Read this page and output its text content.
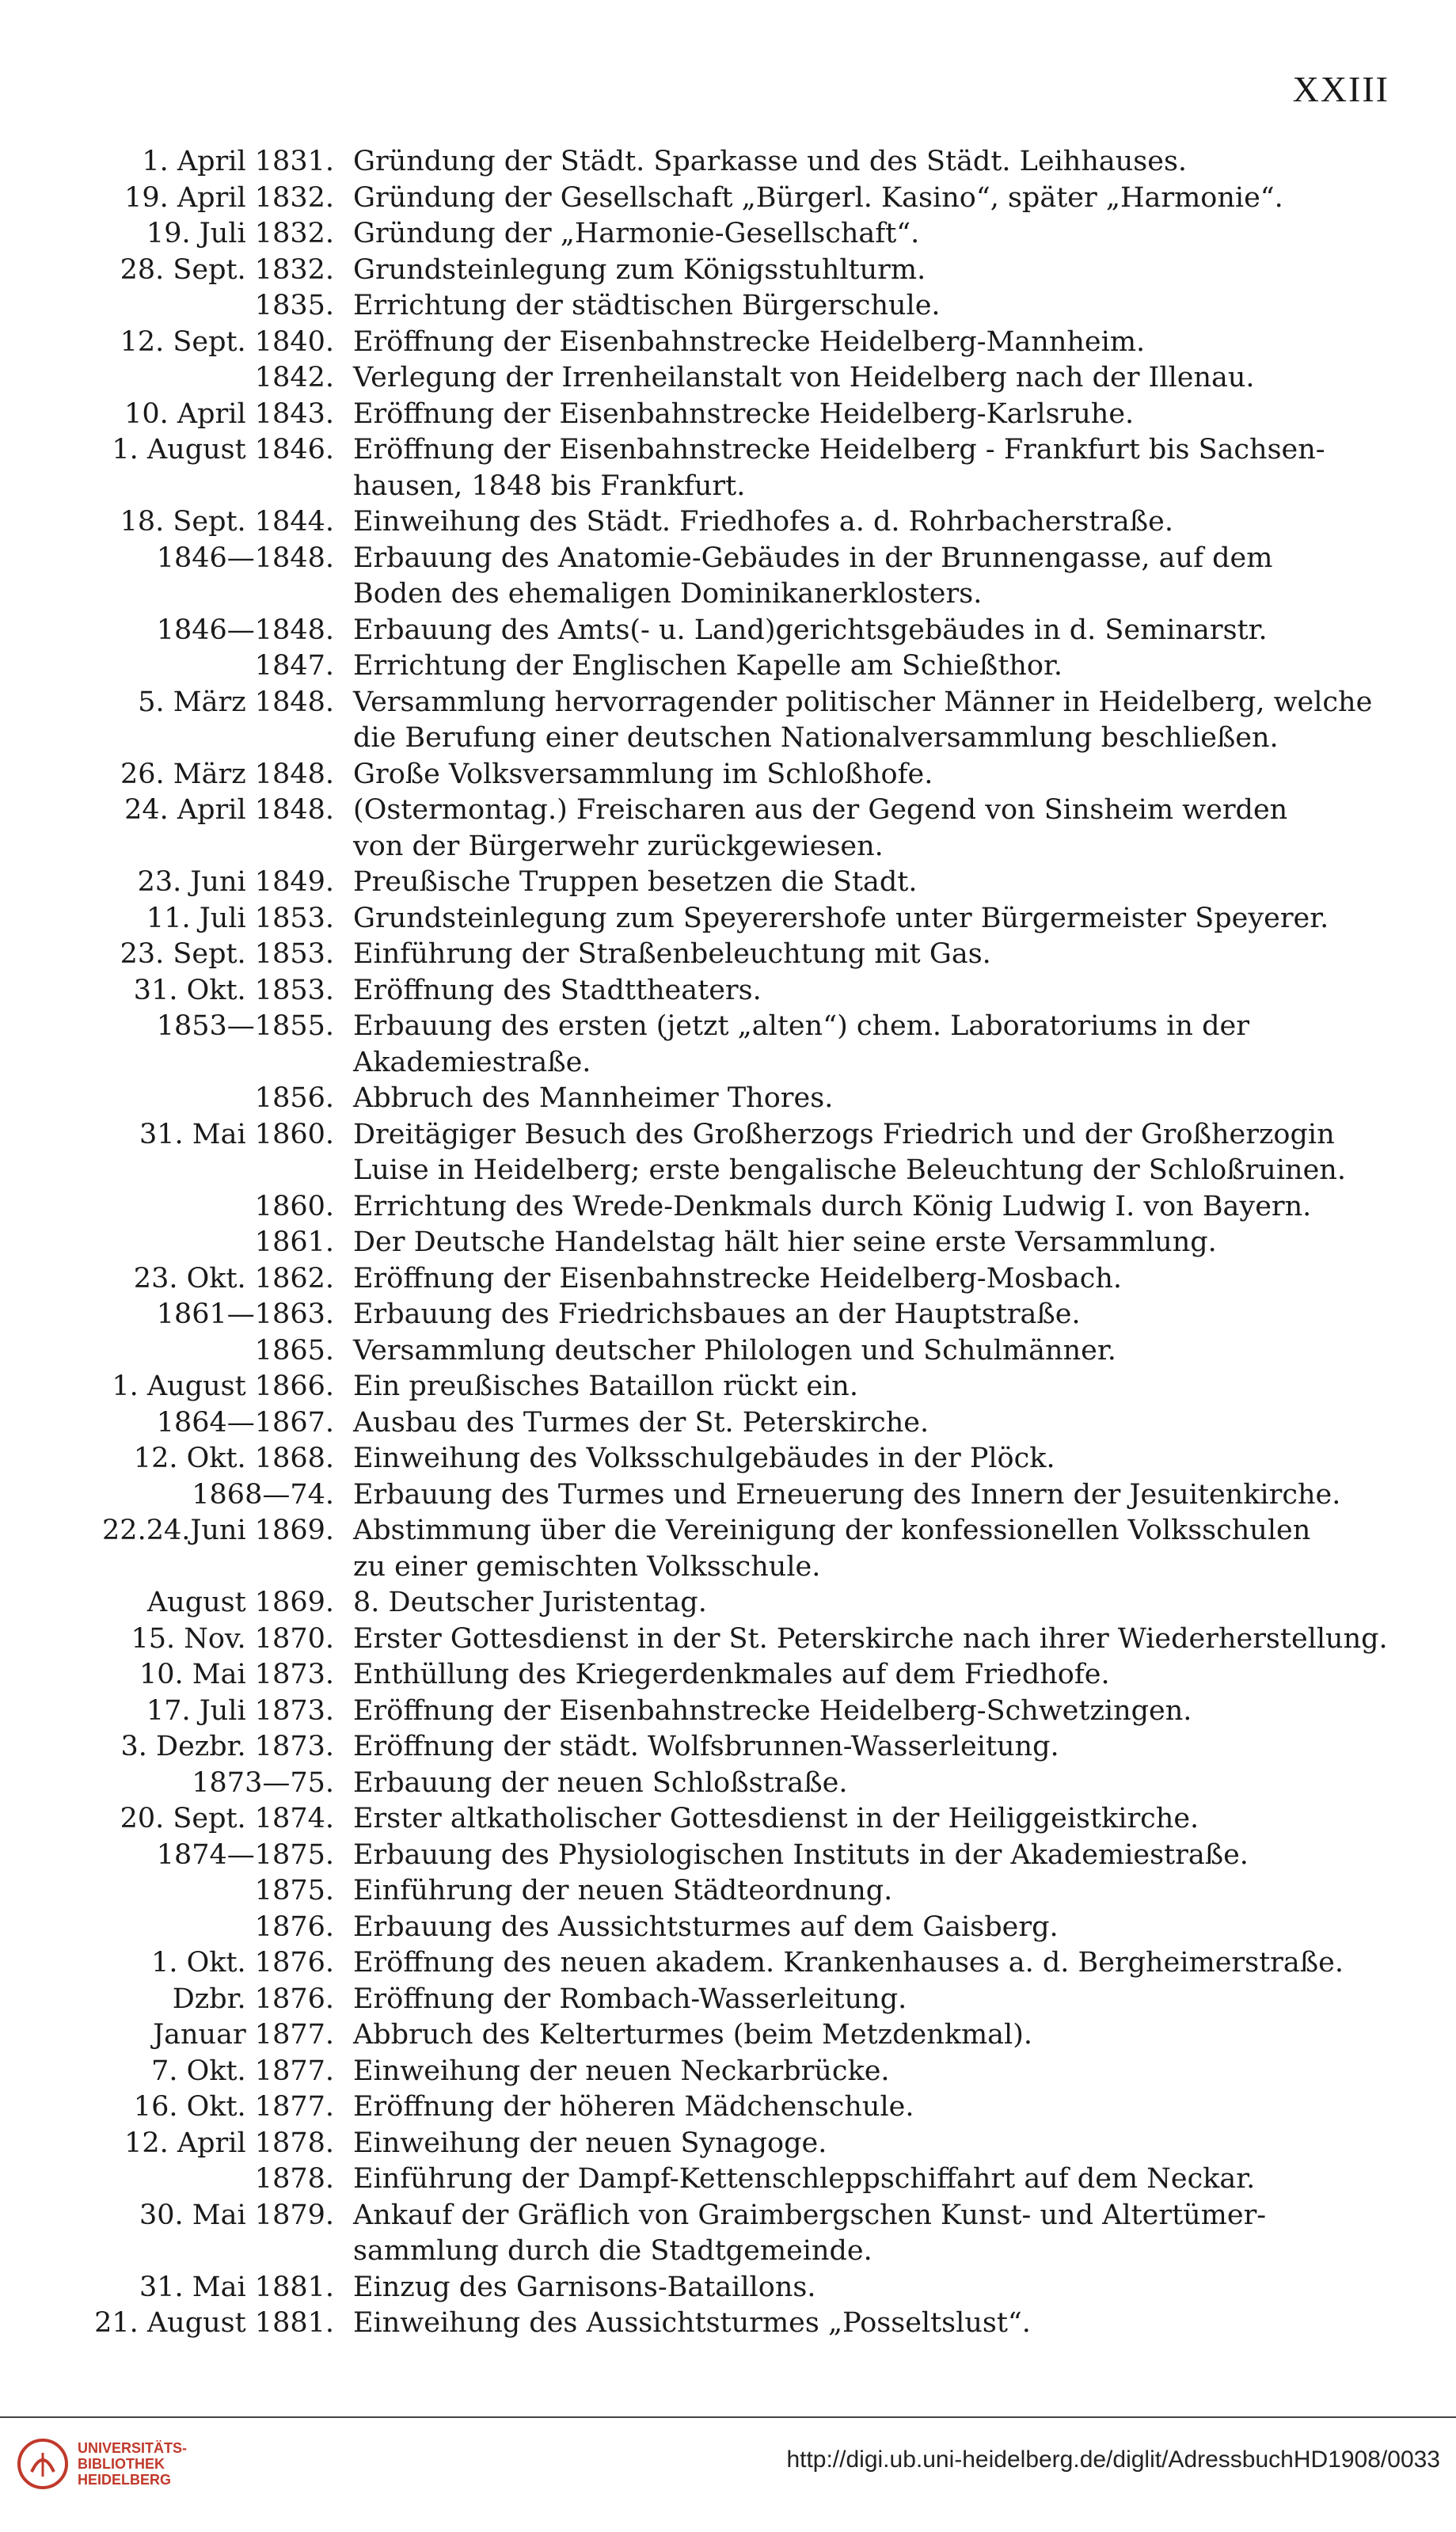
XXIII
1. April 1831. Gründung der Städt. Sparkasse und des Städt. Leihhauses.
19. April 1832. Gründung der Gesellschaft „Bürgerl. Kasino“, später „Harmonie“.
19. Juli 1832. Gründung der „Harmonie-Gesellschaft“.
28. Sept. 1832. Grundsteinlegung zum Königsstuhlturm.
1835. Errichtung der städtischen Bürgerschule.
12. Sept. 1840. Eröffnung der Eisenbahnstrecke Heidelberg-Mannheim.
1842. Verlegung der Irrenheilanstalt von Heidelberg nach der Illenau.
10. April 1843. Eröffnung der Eisenbahnstrecke Heidelberg-Karlsruhe.
1. August 1846. Eröffnung der Eisenbahnstrecke Heidelberg - Frankfurt bis Sachsen-
hausen, 1848 bis Frankfurt.
18. Sept. 1844. Einweihung des Städt. Friedhofes a. d. Rohrbacherstraße.
1846—1848. Erbauung des Anatomie-Gebäudes in der Brunnengasse, auf dem
Boden des ehemaligen Dominikanerklosters.
1846—1848. Erbauung des Amts(- u. Land)gerichtsgebäudes in d. Seminarstr.
1847. Errichtung der Englischen Kapelle am Schießthor.
5. März 1848. Versammlung hervorragender politischer Männer in Heidelberg, welche
die Berufung einer deutschen Nationalversammlung beschließen.
26. März 1848. Große Volksversammlung im Schloßhofe.
24. April 1848. (Ostermontag.) Freischaren aus der Gegend von Sinsheim werden
von der Bürgerwehr zurückgewiesen.
23. Juni 1849. Preußische Truppen besetzen die Stadt.
11. Juli 1853. Grundsteinlegung zum Speyerershofe unter Bürgermeister Speyerer.
23. Sept. 1853. Einführung der Straßenbeleuchtung mit Gas.
31. Okt. 1853. Eröffnung des Stadttheaters.
1853—1855. Erbauung des ersten (jetzt „alten“) chem. Laboratoriums in der
Akademiestraße.
1856. Abbruch des Mannheimer Thores.
31. Mai 1860. Dreitägiger Besuch des Großherzogs Friedrich und der Großherzogin
Luise in Heidelberg; erste bengalische Beleuchtung der Schloßruinen.
1860. Errichtung des Wrede-Denkmals durch König Ludwig I. von Bayern.
1861. Der Deutsche Handelstag hält hier seine erste Versammlung.
23. Okt. 1862. Eröffnung der Eisenbahnstrecke Heidelberg-Mosbach.
1861—1863. Erbauung des Friedrichsbaues an der Hauptstraße.
1865. Versammlung deutscher Philologen und Schulmänner.
1. August 1866. Ein preußisches Bataillon rückt ein.
1864—1867. Ausbau des Turmes der St. Peterskirche.
12. Okt. 1868. Einweihung des Volksschulgebäudes in der Plöck.
1868—74. Erbauung des Turmes und Erneuerung des Innern der Jesuitenkirche.
22.24.Juni 1869. Abstimmung über die Vereinigung der konfessionellen Volksschulen
zu einer gemischten Volksschule.
August 1869. 8. Deutscher Juristentag.
15. Nov. 1870. Erster Gottesdienst in der St. Peterskirche nach ihrer Wiederherstellung.
10. Mai 1873. Enthüllung des Kriegerdenkmales auf dem Friedhofe.
17. Juli 1873. Eröffnung der Eisenbahnstrecke Heidelberg-Schwetzingen.
3. Dezbr. 1873. Eröffnung der städt. Wolfsbrunnen-Wasserleitung.
1873—75. Erbauung der neuen Schloßstraße.
20. Sept. 1874. Erster altkatholischer Gottesdienst in der Heiliggeistkirche.
1874—1875. Erbauung des Physiologischen Instituts in der Akademiestraße.
1875. Einführung der neuen Städteordnung.
1876. Erbauung des Aussichtsturmes auf dem Gaisberg.
1. Okt. 1876. Eröffnung des neuen akadem. Krankenhauses a. d. Bergheimerstraße.
Dzbr. 1876. Eröffnung der Rombach-Wasserleitung.
Januar 1877. Abbruch des Kelterturmes (beim Metzdenkmal).
7. Okt. 1877. Einweihung der neuen Neckarbrücke.
16. Okt. 1877. Eröffnung der höheren Mädchenschule.
12. April 1878. Einweihung der neuen Synagoge.
1878. Einführung der Dampf-Kettenschleppschiffahrt auf dem Neckar.
30. Mai 1879. Ankauf der Gräflich von Graimbergschen Kunst- und Altertümer-
sammlung durch die Stadtgemeinde.
31. Mai 1881. Einzug des Garnisons-Bataillons.
21. August 1881. Einweihung des Aussichtsturmes „Posseltslust“.
UNIVERSITÄTS-
BIBLIOTHEK
HEIDELBERG
http://digi.ub.uni-heidelberg.de/diglit/AdressbuchHD1908/0033
